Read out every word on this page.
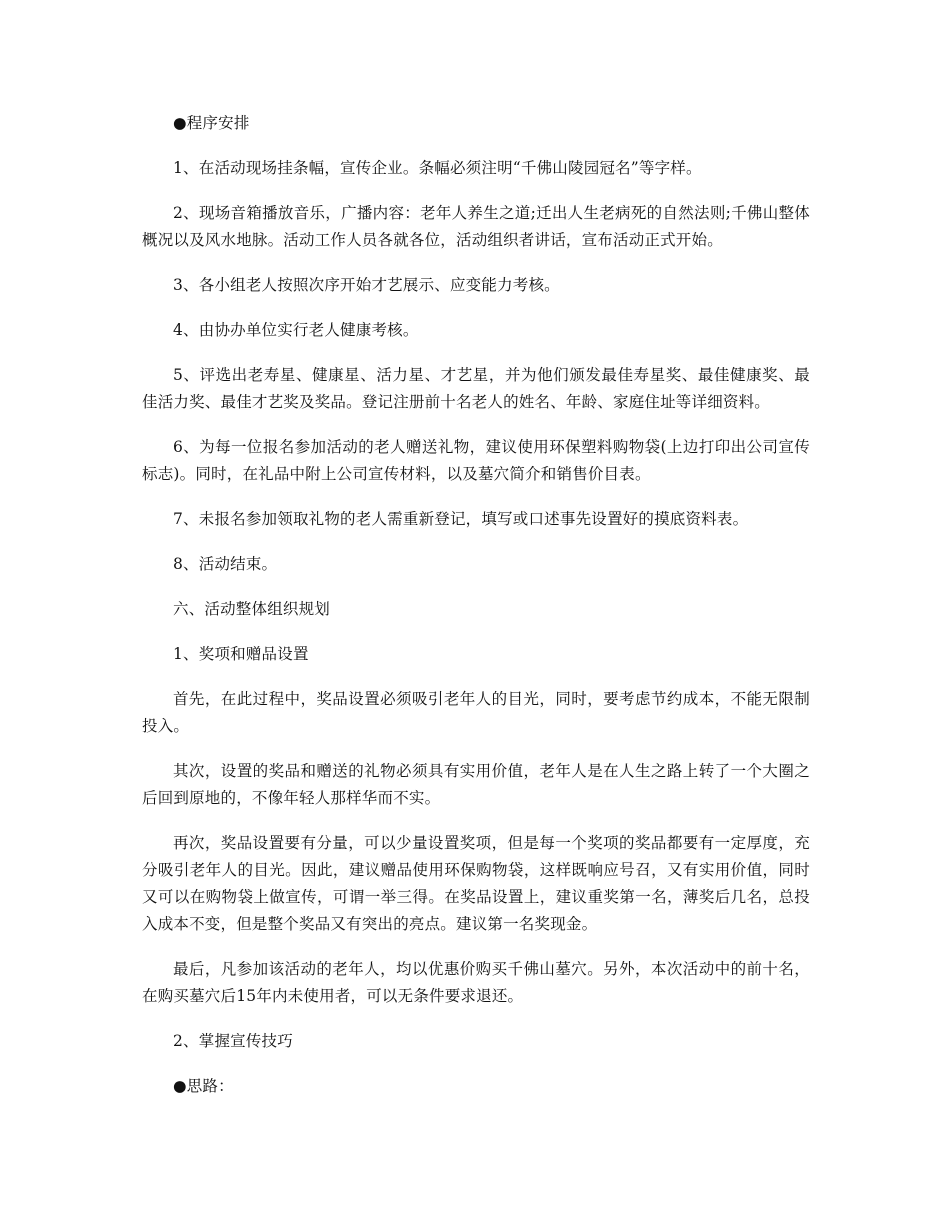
●程序安排

1、在活动现场挂条幅，宣传企业。条幅必须注明“千佛山陵园冠名”等字样。

2、现场音箱播放音乐，广播内容：老年人养生之道;迁出人生老病死的自然法则;千佛山整体概况以及风水地脉。活动工作人员各就各位，活动组织者讲话，宣布活动正式开始。

3、各小组老人按照次序开始才艺展示、应变能力考核。

4、由协办单位实行老人健康考核。

5、评选出老寿星、健康星、活力星、才艺星，并为他们颁发最佳寿星奖、最佳健康奖、最佳活力奖、最佳才艺奖及奖品。登记注册前十名老人的姓名、年龄、家庭住址等详细资料。

6、为每一位报名参加活动的老人赠送礼物，建议使用环保塑料购物袋(上边打印出公司宣传标志)。同时，在礼品中附上公司宣传材料，以及墓穴简介和销售价目表。

7、未报名参加领取礼物的老人需重新登记，填写或口述事先设置好的摸底资料表。

8、活动结束。

六、活动整体组织规划

1、奖项和赠品设置

首先，在此过程中，奖品设置必须吸引老年人的目光，同时，要考虑节约成本，不能无限制投入。

其次，设置的奖品和赠送的礼物必须具有实用价值，老年人是在人生之路上转了一个大圈之后回到原地的，不像年轻人那样华而不实。

再次，奖品设置要有分量，可以少量设置奖项，但是每一个奖项的奖品都要有一定厚度，充分吸引老年人的目光。因此，建议赠品使用环保购物袋，这样既响应号召，又有实用价值，同时又可以在购物袋上做宣传，可谓一举三得。在奖品设置上，建议重奖第一名，薄奖后几名，总投入成本不变，但是整个奖品又有突出的亮点。建议第一名奖现金。

最后，凡参加该活动的老年人，均以优惠价购买千佛山墓穴。另外，本次活动中的前十名，在购买墓穴后15年内未使用者，可以无条件要求退还。

2、掌握宣传技巧

●思路：
